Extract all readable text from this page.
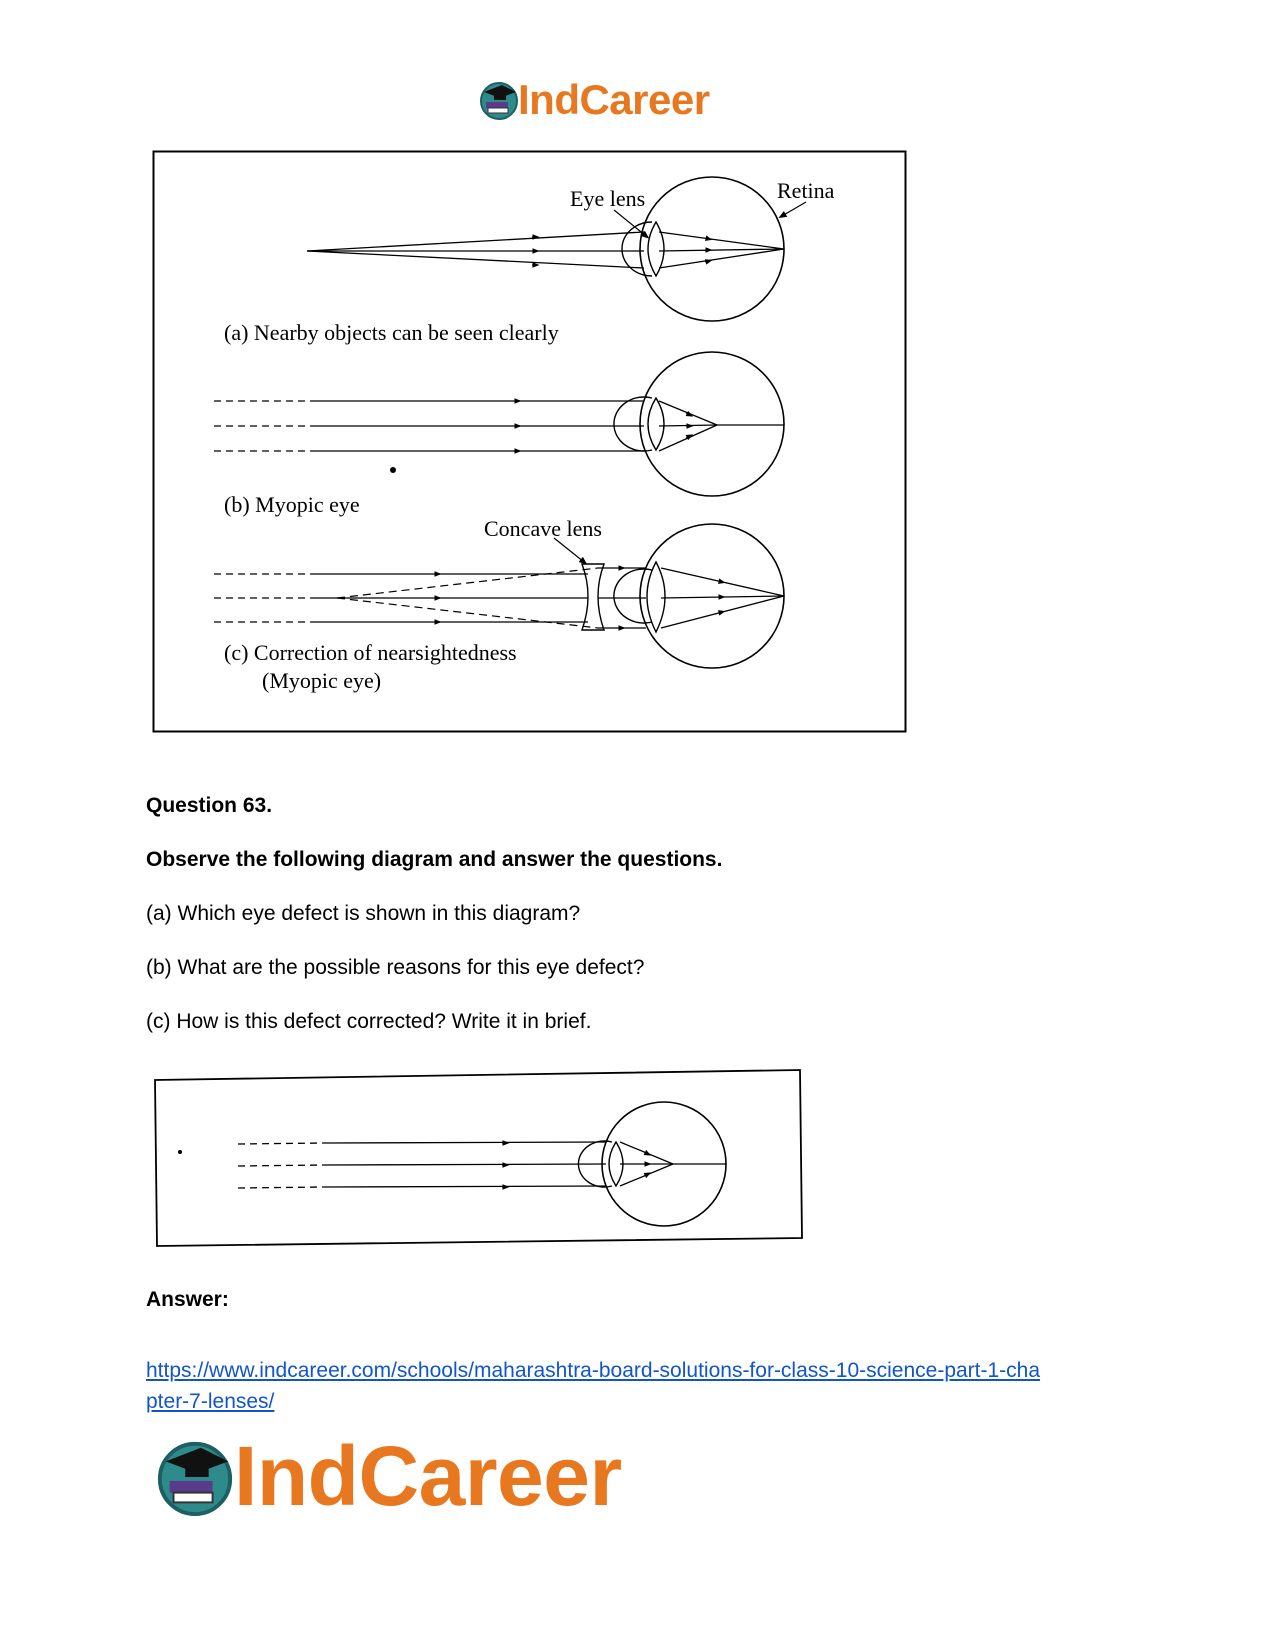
IndCareer
Eye lens	Retina
(a) Nearby objects can be seen clearly
(b) Myopic eye
Concave lens
(c) Correction of nearsightedness
(Myopic eye)
Question 63.
Observe the following diagram and answer the questions.
(a) Which eye defect is shown in this diagram?
(b) What are the possible reasons for this eye defect?
(c) How is this defect corrected? Write it in brief.
Answer:
https://www.indcareer.com/schools/maharashtra-board-solutions-for-class-10-science-part-1-cha
pter-7-lenses/
IndCareer
